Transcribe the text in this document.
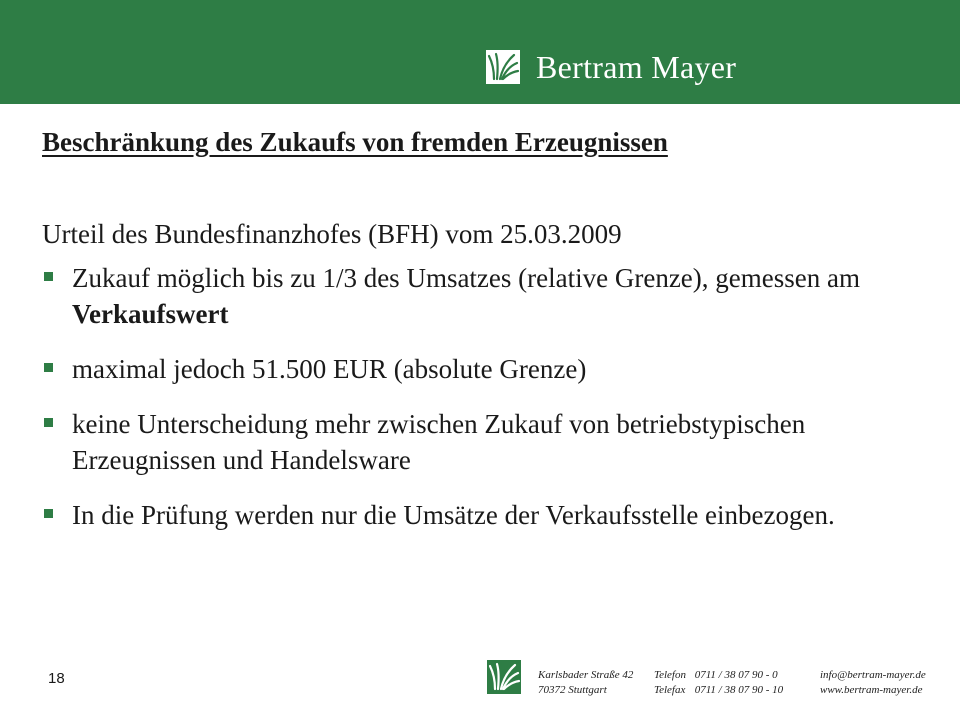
Bertram Mayer
Beschränkung des Zukaufs von fremden Erzeugnissen

Urteil des Bundesfinanzhofes (BFH) vom 25.03.2009

Zukauf möglich bis zu 1/3 des Umsatzes (relative Grenze), gemessen am Verkaufswert
maximal jedoch 51.500 EUR (absolute Grenze)
keine Unterscheidung mehr zwischen Zukauf von betriebstypischen Erzeugnissen und Handelsware
In die Prüfung werden nur die Umsätze der Verkaufsstelle einbezogen.
18	Karlsbader Straße 42
70372 Stuttgart
Telefon 0711 / 38 07 90 - 0
Telefax 0711 / 38 07 90 - 10
info@bertram-mayer.de
www.bertram-mayer.de
